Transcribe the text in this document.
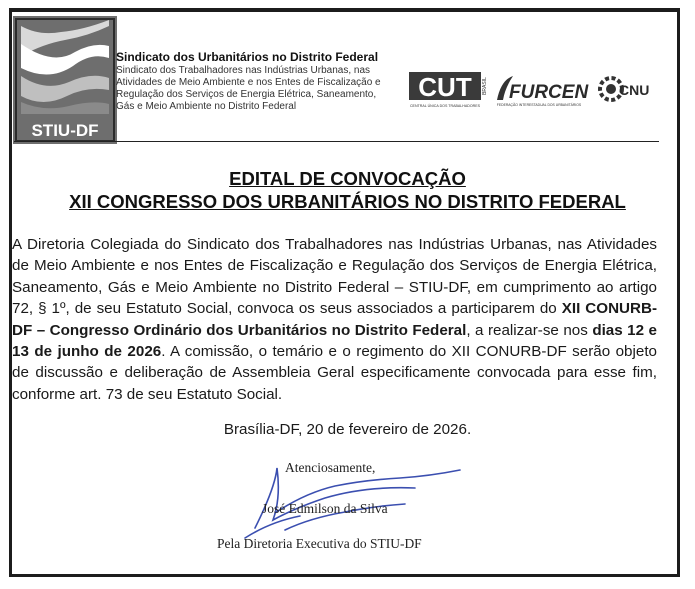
STIU-DF

Sindicato dos Urbanitários no Distrito Federal

Sindicato dos Trabalhadores nas Indústrias Urbanas, nas Atividades de Meio Ambiente e nos Entes de Fiscalização e Regulação dos Serviços de Energia Elétrica, Saneamento, Gás e Meio Ambiente no Distrito Federal

CUT BRASIL
CENTRAL ÚNICA DOS TRABALHADORES
FURCEN
FEDERAÇÃO INTERESTADUAL DOS URBANITÁRIOS
CNU
EDITAL DE CONVOCAÇÃO
XII CONGRESSO DOS URBANITÁRIOS NO DISTRITO FEDERAL

A Diretoria Colegiada do Sindicato dos Trabalhadores nas Indústrias Urbanas, nas Atividades de Meio Ambiente e nos Entes de Fiscalização e Regulação dos Serviços de Energia Elétrica, Saneamento, Gás e Meio Ambiente no Distrito Federal – STIU-DF, em cumprimento ao artigo 72, § 1º, de seu Estatuto Social, convoca os seus associados a participarem do XII CONURB-DF – Congresso Ordinário dos Urbanitários no Distrito Federal, a realizar-se nos dias 12 e 13 de junho de 2026. A comissão, o temário e o regimento do XII CONURB-DF serão objeto de discussão e deliberação de Assembleia Geral especificamente convocada para esse fim, conforme art. 73 de seu Estatuto Social.

Brasília-DF, 20 de fevereiro de 2026.
Atenciosamente,
José Edmilson da Silva
Pela Diretoria Executiva do STIU-DF
